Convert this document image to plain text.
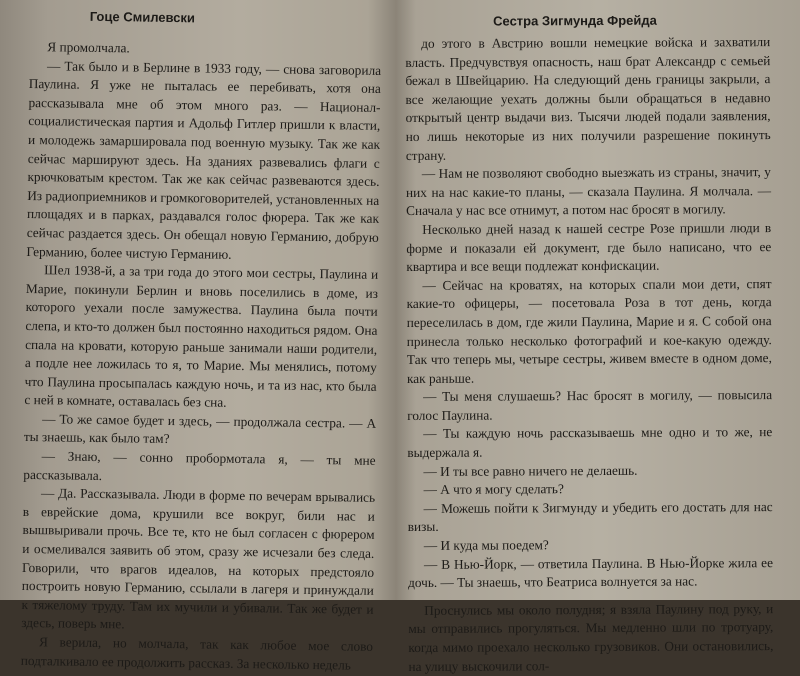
Гоце Смилевски

Я промолчала.

— Так было и в Берлине в 1933 году, — снова заговорила Паулина. Я уже не пыталась ее перебивать, хотя она рассказывала мне об этом много раз. — Национал-социалистическая партия и Адольф Гитлер пришли к власти, и молодежь замаршировала под военную музыку. Так же как сейчас маршируют здесь. На зданиях развевались флаги с крючковатым крестом. Так же как сейчас развеваются здесь. Из радиоприемников и громкоговорителей, установленных на площадях и в парках, раздавался голос фюрера. Так же как сейчас раздается здесь. Он обещал новую Германию, добрую Германию, более чистую Германию.

Шел 1938-й, а за три года до этого мои сестры, Паулина и Марие, покинули Берлин и вновь поселились в доме, из которого уехали после замужества. Паулина была почти слепа, и кто-то должен был постоянно находиться рядом. Она спала на кровати, которую раньше занимали наши родители, а подле нее ложилась то я, то Марие. Мы менялись, потому что Паулина просыпалась каждую ночь, и та из нас, кто была с ней в комнате, оставалась без сна.

— То же самое будет и здесь, — продолжала сестра. — А ты знаешь, как было там?

— Знаю, — сонно пробормотала я, — ты мне рассказывала.

— Да. Рассказывала. Люди в форме по вечерам врывались в еврейские дома, крушили все вокруг, били нас и вышвыривали прочь. Все те, кто не был согласен с фюрером и осмеливался заявить об этом, сразу же исчезали без следа. Говорили, что врагов идеалов, на которых предстояло построить новую Германию, ссылали в лагеря и принуждали к тяжелому труду. Там их мучили и убивали. Так же будет и здесь, поверь мне.

Я верила, но молчала, так как любое мое слово подталкивало ее продолжить рассказ. За несколько недель

Сестра Зигмунда Фрейда

до этого в Австрию вошли немецкие войска и захватили власть. Предчувствуя опасность, наш брат Александр с семьей бежал в Швейцарию. На следующий день границы закрыли, а все желающие уехать должны были обращаться в недавно открытый центр выдачи виз. Тысячи людей подали заявления, но лишь некоторые из них получили разрешение покинуть страну.

— Нам не позволяют свободно выезжать из страны, значит, у них на нас какие-то планы, — сказала Паулина. Я молчала. — Сначала у нас все отнимут, а потом нас бросят в могилу.

Несколько дней назад к нашей сестре Розе пришли люди в форме и показали ей документ, где было написано, что ее квартира и все вещи подлежат конфискации.

— Сейчас на кроватях, на которых спали мои дети, спят какие-то офицеры, — посетовала Роза в тот день, когда переселилась в дом, где жили Паулина, Марие и я. С собой она принесла только несколько фотографий и кое-какую одежду. Так что теперь мы, четыре сестры, живем вместе в одном доме, как раньше.

— Ты меня слушаешь? Нас бросят в могилу, — повысила голос Паулина.

— Ты каждую ночь рассказываешь мне одно и то же, не выдержала я.

— И ты все равно ничего не делаешь.

— А что я могу сделать?

— Можешь пойти к Зигмунду и убедить его достать для нас визы.

— И куда мы поедем?

— В Нью-Йорк, — ответила Паулина. В Нью-Йорке жила ее дочь. — Ты знаешь, что Беатриса волнуется за нас.

Проснулись мы около полудня; я взяла Паулину под руку, и мы отправились прогуляться. Мы медленно шли по тротуару, когда мимо проехало несколько грузовиков. Они остановились, на улицу выскочили сол-
